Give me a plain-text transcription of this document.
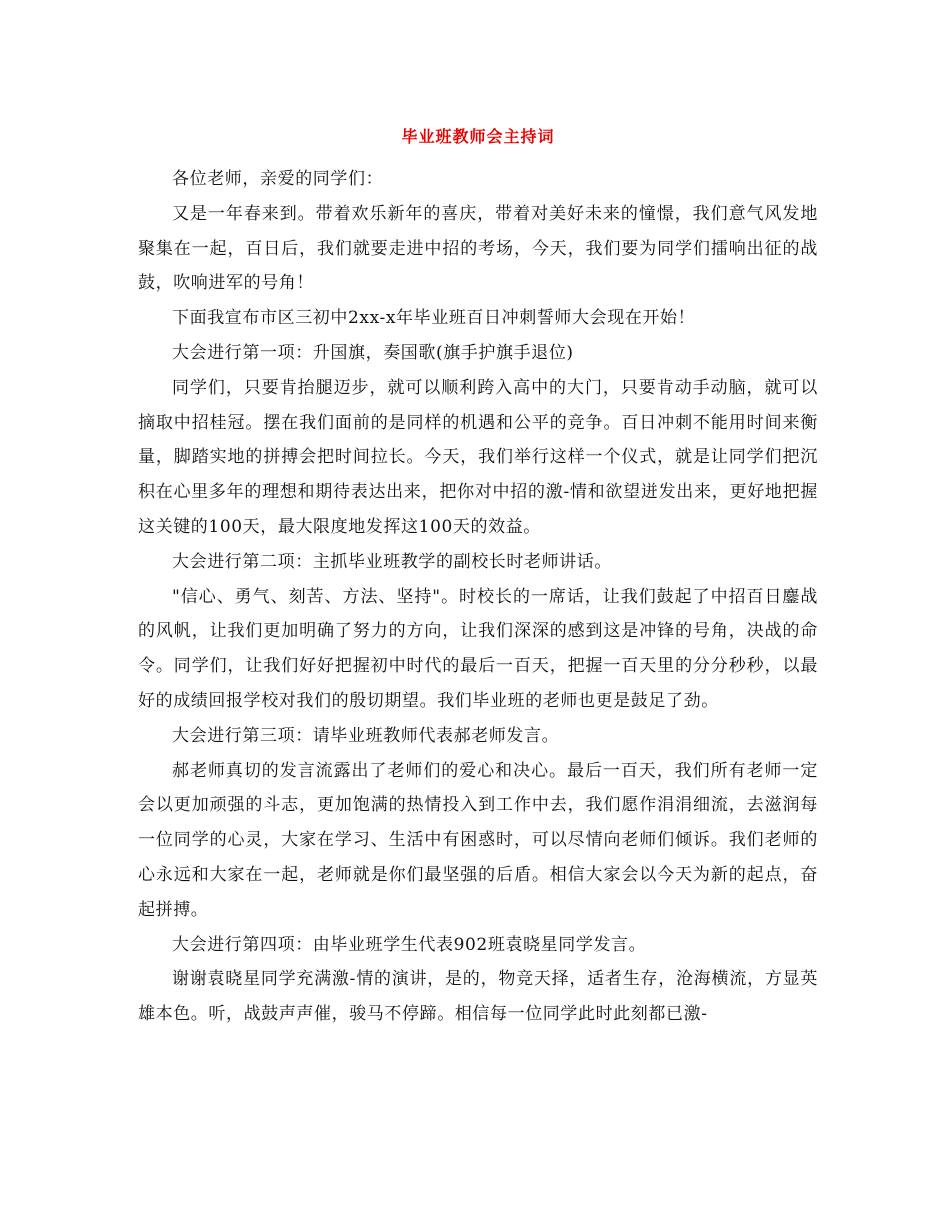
毕业班教师会主持词

各位老师，亲爱的同学们：

又是一年春来到。带着欢乐新年的喜庆，带着对美好未来的憧憬，我们意气风发地聚集在一起，百日后，我们就要走进中招的考场，今天，我们要为同学们擂响出征的战鼓，吹响进军的号角！

下面我宣布市区三初中2xx-x年毕业班百日冲刺誓师大会现在开始！

大会进行第一项：升国旗，奏国歌(旗手护旗手退位)

同学们，只要肯抬腿迈步，就可以顺利跨入高中的大门，只要肯动手动脑，就可以摘取中招桂冠。摆在我们面前的是同样的机遇和公平的竞争。百日冲刺不能用时间来衡量，脚踏实地的拼搏会把时间拉长。今天，我们举行这样一个仪式，就是让同学们把沉积在心里多年的理想和期待表达出来，把你对中招的激-情和欲望迸发出来，更好地把握这关键的100天，最大限度地发挥这100天的效益。

大会进行第二项：主抓毕业班教学的副校长时老师讲话。

"信心、勇气、刻苦、方法、坚持"。时校长的一席话，让我们鼓起了中招百日鏖战的风帆，让我们更加明确了努力的方向，让我们深深的感到这是冲锋的号角，决战的命令。同学们，让我们好好把握初中时代的最后一百天，把握一百天里的分分秒秒，以最好的成绩回报学校对我们的殷切期望。我们毕业班的老师也更是鼓足了劲。

大会进行第三项：请毕业班教师代表郝老师发言。

郝老师真切的发言流露出了老师们的爱心和决心。最后一百天，我们所有老师一定会以更加顽强的斗志，更加饱满的热情投入到工作中去，我们愿作涓涓细流，去滋润每一位同学的心灵，大家在学习、生活中有困惑时，可以尽情向老师们倾诉。我们老师的心永远和大家在一起，老师就是你们最坚强的后盾。相信大家会以今天为新的起点，奋起拼搏。

大会进行第四项：由毕业班学生代表902班袁晓星同学发言。

谢谢袁晓星同学充满激-情的演讲，是的，物竞天择，适者生存，沧海横流，方显英雄本色。听，战鼓声声催，骏马不停蹄。相信每一位同学此时此刻都已激-
